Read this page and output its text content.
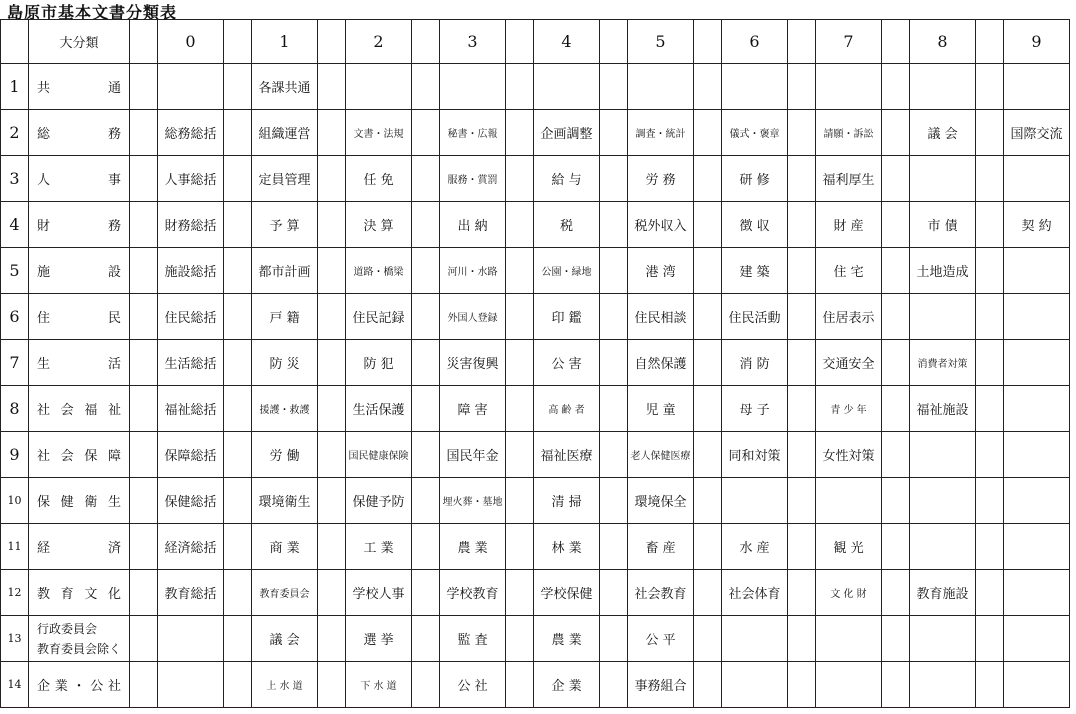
島原市基本文書分類表
	大分類		0		1		2		3		4		5		6		7		8		9
1	共 通				各課共通																
2	総 務		総務総括		組織運営		文書・法規		秘書・広報		企画調整		調査・統計		儀式・褒章		請願・訴訟		議 会		国際交流
3	人 事		人事総括		定員管理		任 免		服務・賞罰		給 与		労 務		研 修		福利厚生				
4	財 務		財務総括		予 算		決 算		出 納		税		税外収入		徴 収		財 産		市 債		契 約
5	施 設		施設総括		都市計画		道路・橋梁		河川・水路		公園・緑地		港 湾		建 築		住 宅		土地造成		
6	住 民		住民総括		戸 籍		住民記録		外国人登録		印 鑑		住民相談		住民活動		住居表示				
7	生 活		生活総括		防 災		防 犯		災害復興		公 害		自然保護		消 防		交通安全		消費者対策		
8	社 会 福 祉		福祉総括		援護・救護		生活保護		障 害		高 齢 者		児 童		母 子		青 少 年		福祉施設		
9	社 会 保 障		保障総括		労 働		国民健康保険		国民年金		福祉医療		老人保健医療		同和対策		女性対策				
10	保 健 衛 生		保健総括		環境衛生		保健予防		埋火葬・墓地		清 掃		環境保全								
11	経 済		経済総括		商 業		工 業		農 業		林 業		畜 産		水 産		観 光				
12	教 育 文 化		教育総括		教育委員会		学校人事		学校教育		学校保健		社会教育		社会体育		文 化 財		教育施設		
13	行政委員会
教育委員会除く				議 会		選 挙		監 査		農 業		公 平								
14	企 業 ・ 公 社				上 水 道		下 水 道		公 社		企 業		事務組合								
